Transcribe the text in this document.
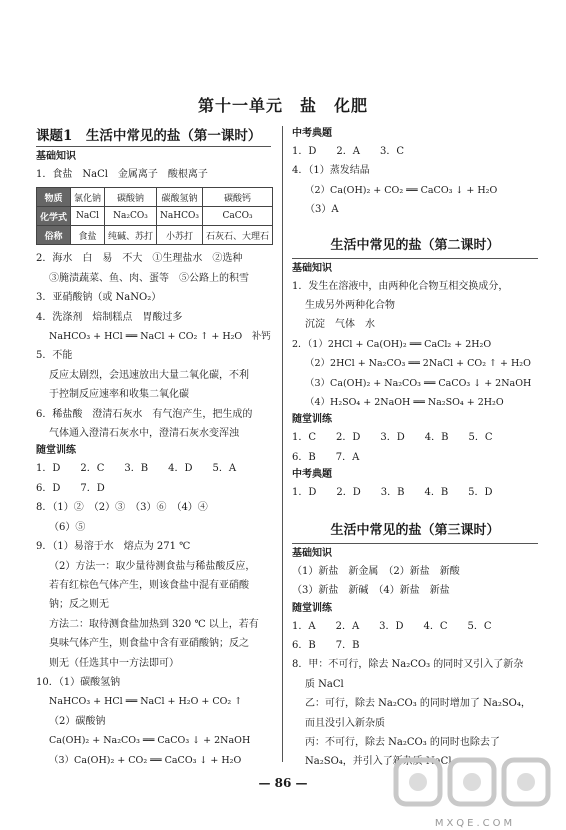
第十一单元　盐　化肥
课题1　生活中常见的盐（第一课时）
基础知识
1．食盐　NaCl　金属离子　酸根离子
物质	氯化钠	碳酸钠	碳酸氢钠	碳酸钙
化学式	NaCl	Na₂CO₃	NaHCO₃	CaCO₃
俗称	食盐	纯碱、苏打	小苏打	石灰石、大理石
2．海水　白　易　不大　①生理盐水　②选种
③腌渍蔬菜、鱼、肉、蛋等　⑤公路上的积雪
3．亚硝酸钠（或 NaNO₂）
4．洗涤剂　焙制糕点　胃酸过多
NaHCO₃ + HCl ══ NaCl + CO₂ ↑ + H₂O　补钙
5．不能
反应太剧烈，会迅速放出大量二氧化碳，不利
于控制反应速率和收集二氧化碳
6．稀盐酸　澄清石灰水　有气泡产生，把生成的
气体通入澄清石灰水中，澄清石灰水变浑浊
随堂训练
1．D　　2．C　　3．B　　4．D　　5．A
6．D　　7．D
8．（1）②　（2）③　（3）⑥　（4）④
（6）⑤
9．（1）易溶于水　熔点为 271 ℃
（2）方法一：取少量待测食盐与稀盐酸反应，
若有红棕色气体产生，则该食盐中混有亚硝酸
钠；反之则无
方法二：取待测食盐加热到 320 ℃ 以上，若有
臭味气体产生，则食盐中含有亚硝酸钠；反之
则无（任选其中一方法即可）
10．（1）碳酸氢钠
NaHCO₃ + HCl ══ NaCl + H₂O + CO₂ ↑
（2）碳酸钠
Ca(OH)₂ + Na₂CO₃ ══ CaCO₃ ↓ + 2NaOH
（3）Ca(OH)₂ + CO₂ ══ CaCO₃ ↓ + H₂O
中考典题
1．D　　2．A　　3．C
4．（1）蒸发结晶
（2）Ca(OH)₂ + CO₂ ══ CaCO₃ ↓ + H₂O
（3）A
生活中常见的盐（第二课时）
基础知识
1．发生在溶液中，由两种化合物互相交换成分，
生成另外两种化合物
沉淀　气体　水
2．（1）2HCl + Ca(OH)₂ ══ CaCl₂ + 2H₂O
（2）2HCl + Na₂CO₃ ══ 2NaCl + CO₂ ↑ + H₂O
（3）Ca(OH)₂ + Na₂CO₃ ══ CaCO₃ ↓ + 2NaOH
（4）H₂SO₄ + 2NaOH ══ Na₂SO₄ + 2H₂O
随堂训练
1．C　　2．D　　3．D　　4．B　　5．C
6．B　　7．A
中考典题
1．D　　2．D　　3．B　　4．B　　5．D
生活中常见的盐（第三课时）
基础知识
（1）新盐　新金属　（2）新盐　新酸
（3）新盐　新碱　（4）新盐　新盐
随堂训练
1．A　　2．A　　3．D　　4．C　　5．C
6．B　　7．B
8．甲：不可行，除去 Na₂CO₃ 的同时又引入了新杂
质 NaCl
乙：可行，除去 Na₂CO₃ 的同时增加了 Na₂SO₄，
而且没引入新杂质
丙：不可行，除去 Na₂CO₃ 的同时也除去了
Na₂SO₄，并引入了新杂质 NaCl
— 86 —
MXQE.COM
